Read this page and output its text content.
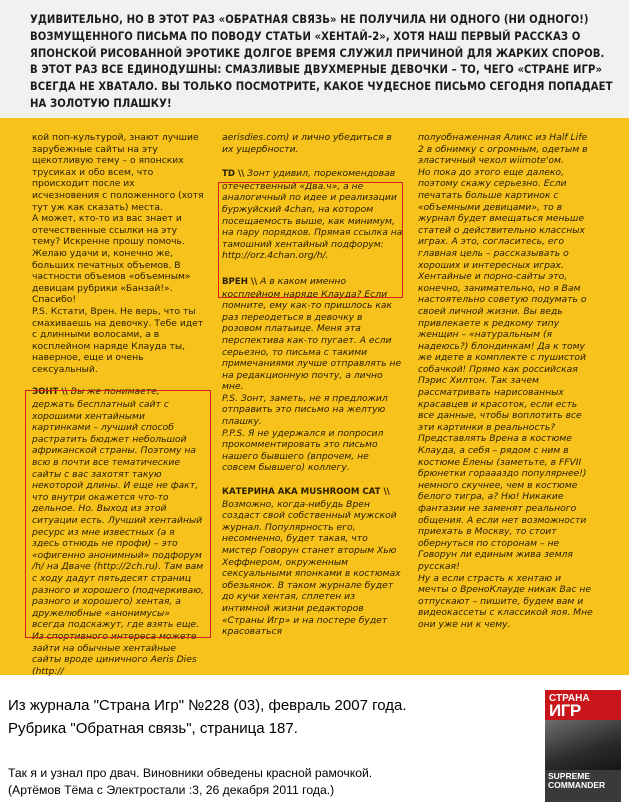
УДИВИТЕЛЬНО, НО В ЭТОТ РАЗ «ОБРАТНАЯ СВЯЗЬ» НЕ ПОЛУЧИЛА НИ ОДНОГО (НИ ОДНОГО!) ВОЗМУЩЕННОГО ПИСЬМА ПО ПОВОДУ СТАТЬИ «ХЕНТАЙ-2», ХОТЯ НАШ ПЕРВЫЙ РАССКАЗ О ЯПОНСКОЙ РИСОВАННОЙ ЭРОТИКЕ ДОЛГОЕ ВРЕМЯ СЛУЖИЛ ПРИЧИНОЙ ДЛЯ ЖАРКИХ СПОРОВ. В ЭТОТ РАЗ ВСЕ ЕДИНОДУШНЫ: СМАЗЛИВЫЕ ДВУХМЕРНЫЕ ДЕВОЧКИ – ТО, ЧЕГО «СТРАНЕ ИГР» ВСЕГДА НЕ ХВАТАЛО. ВЫ ТОЛЬКО ПОСМОТРИТЕ, КАКОЕ ЧУДЕСНОЕ ПИСЬМО СЕГОДНЯ ПОПАДАЕТ НА ЗОЛОТУЮ ПЛАШКУ!

кой поп-культурой, знают лучшие зарубежные сайты на эту щекотливую тему – о японских трусиках и обо всем, что происходит после их исчезновения с положенного (хотя тут уж как сказать) места.
А может, кто-то из вас знает и отечественные ссылки на эту тему? Искренне прошу помочь.
Желаю удачи и, конечно же, больших печатных объемов. В частности объемов «объемным» девицам рубрики «Банзай!». Спасибо!
P.S. Кстати, Врен. Не верь, что ты смахиваешь на девочку. Тебе идет с длинными волосами, а в косплейном наряде Клауда ты, наверное, еще и очень сексуальный.

ЗОНТ \\ Вы же понимаете, держать бесплатный сайт с хорошими хентайными картинками – лучший способ растратить бюджет небольшой африканской страны. Поэтому на всю в почти все тематические сайты с вас захотят такую некоторой длины. И еще не факт, что внутри окажется что-то дельное. Но. Выход из этой ситуации есть. Лучший хентайный ресурс из мне известных (а я здесь отнюдь не профи) – это «офигенно анонимный» подфорум /h/ на Дваче (http://2ch.ru). Там вам с ходу дадут пятьдесят страниц разного и хорошего (подчеркиваю, разного и хорошего) хентая, а дружелюбные «анонимусы» всегда подскажут, где взять еще. Из спортивного интереса можете зайти на обычные хентайные сайты вроде циничного Aeris Dies (http://

aerisdies.com) и лично убедиться в их ущербности.

TD \\ Зонт удивил, порекомендовав отечественный «Два.ч», а не аналогичный по идее и реализации буржуйский 4chan, на котором посещаемость выше, как минимум, на пару порядков. Прямая ссылка на тамошний хентайный подфорум: http://orz.4chan.org/h/.

ВРЕН \\ А в каком именно косплейном наряде Клауда? Если помните, ему как-то пришлось как раз переодеться в девочку в розовом платьице. Меня эта перспектива как-то пугает. А если серьезно, то письма с такими примечаниями лучше отправлять не на редакционную почту, а лично мне.
P.S. Зонт, заметь, не я предложил отправить это письмо на желтую плашку.
P.P.S. Я не удержался и попросил прокомментировать это письмо нашего бывшего (впрочем, не совсем бывшего) коллегу.

КАТЕРИНА AKA MUSHROOM CAT \\ Возможно, когда-нибудь Врен создаст свой собственный мужской журнал. Популярность его, несомненно, будет такая, что мистер Говорун станет вторым Хью Хеффнером, окруженным сексуальными японками в костюмах обезьянок. В таком журнале будет до кучи хентая, сплетен из интимной жизни редакторов «Страны Игр» и на постере будет красоваться

полуобнаженная Аликс из Half Life 2 в обнимку с огромным, одетым в эластичный чехол wiimote'ом.
Но пока до этого еще далеко, поэтому скажу серьезно. Если печатать больше картинок с «объемными девицами», то в журнал будет вмещаться меньше статей о действительно классных играх. А это, согласитесь, его главная цель – рассказывать о хороших и интересных играх.
Хентайные и порно-сайты это, конечно, занимательно, но я Вам настоятельно советую подумать о своей личной жизни. Вы ведь привлекаете к редкому типу женщин – «натуральным (я надеюсь?) блондинкам! Да к тому же идете в комплекте с пушистой собачкой! Прямо как российская Пэрис Хилтон. Так зачем рассматривать нарисованных красавцев и красоток, если есть все данные, чтобы воплотить все эти картинки в реальность?
Представлять Врена в костюме Клауда, а себя – рядом с ним в костюме Елены (заметьте, в FFVII брюнетки гораааздо популярнее!) немного скучнее, чем в костюме белого тигра, а? Ню! Никакие фантазии не заменят реального общения. А если нет возможности приехать в Москву, то стоит обернуться по сторонам – не Говорун ли единым жива земля русская!
Ну а если страсть к хентаю и мечты о ВреноКлауде никак Вас не отпускают – пишите, будем вам и видеокассеты с классикой яоя. Мне они уже ни к чему.

Из журнала "Страна Игр" №228 (03), февраль 2007 года.
Рубрика "Обратная связь", страница 187.
Так я и узнал про двач. Виновники обведены красной рамочкой.
(Артёмов Тёма с Электростали :3, 26 декабря 2011 года.)
СТРАНА
ИГР
SUPREME COMMANDER
